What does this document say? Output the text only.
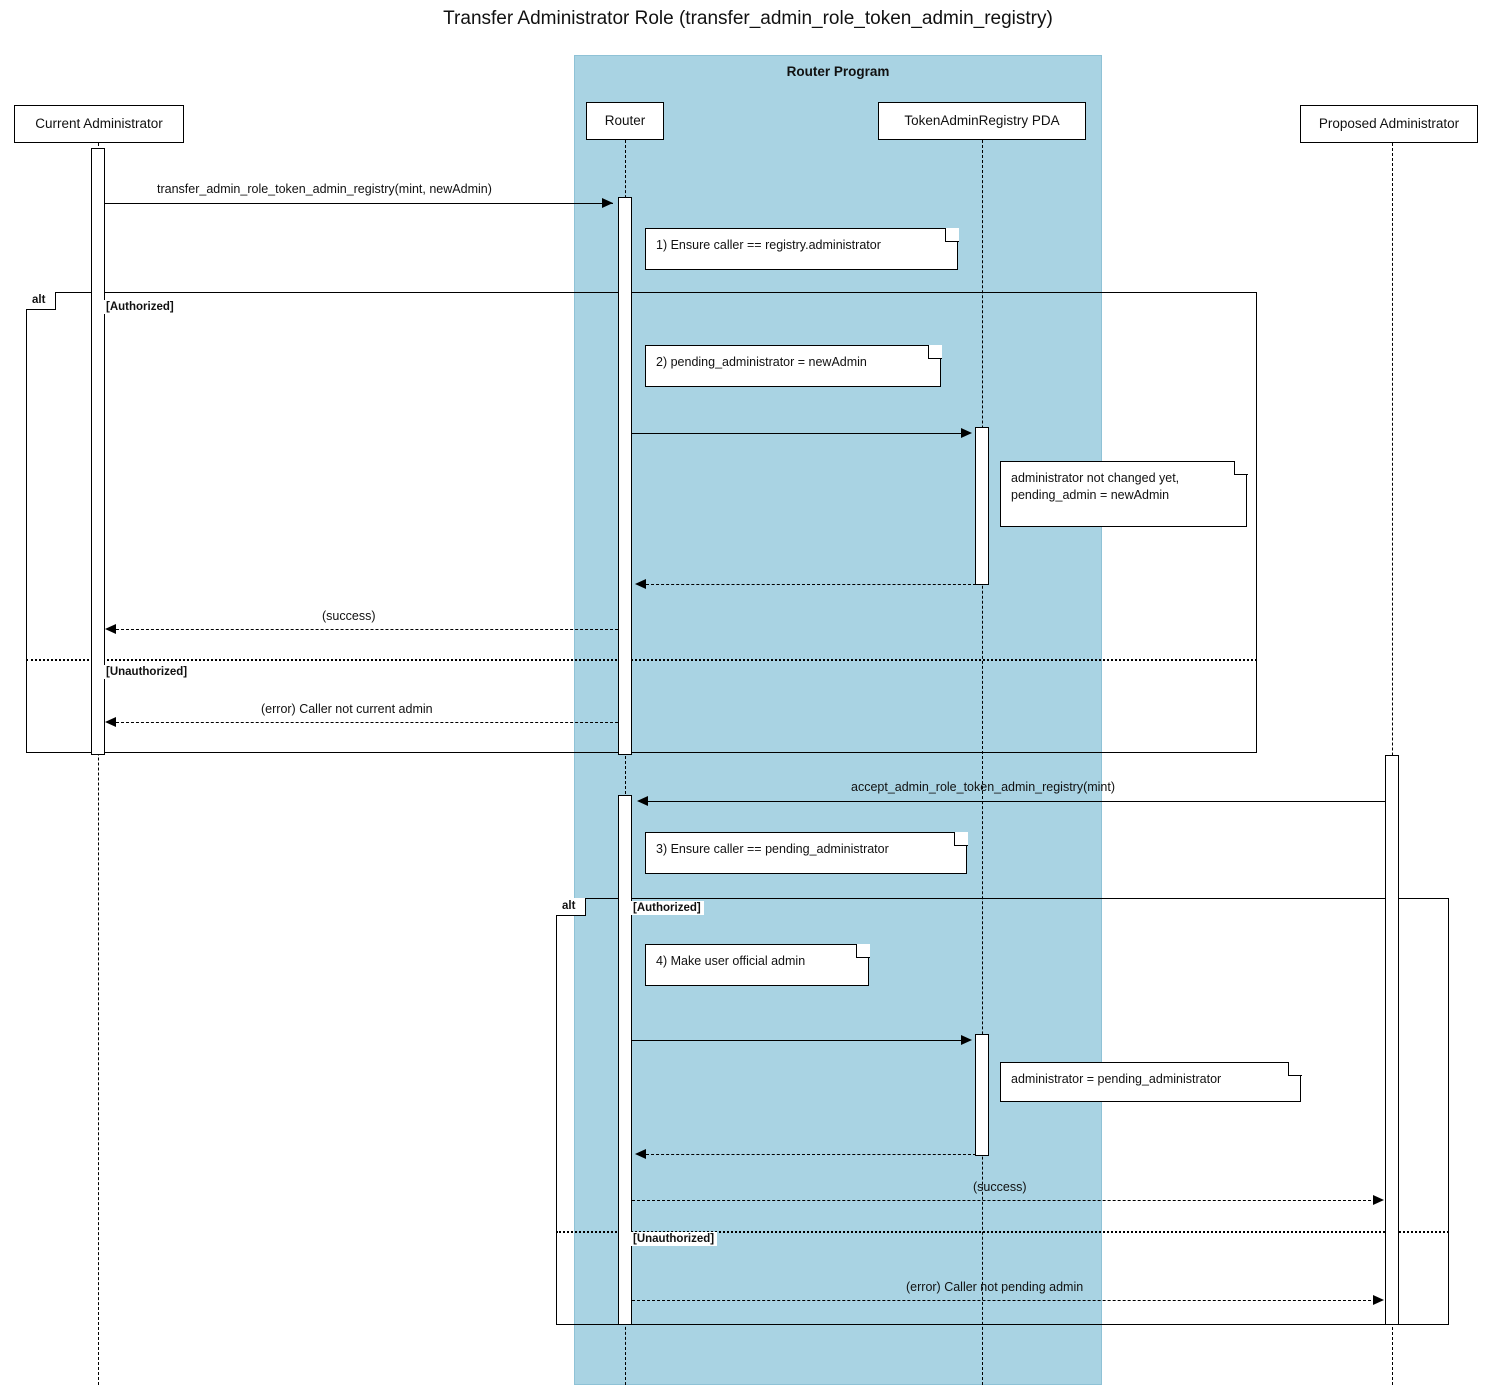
Transfer Administrator Role (transfer_admin_role_token_admin_registry)
Router Program
Current Administrator	Router	TokenAdminRegistry PDA	Proposed Administrator
transfer_admin_role_token_admin_registry(mint, newAdmin)
1) Ensure caller == registry.administrator
alt
[Authorized]
[Unauthorized]
2) pending_administrator = newAdmin
administrator not changed yet,
pending_admin = newAdmin
(success)
(error) Caller not current admin
accept_admin_role_token_admin_registry(mint)
3) Ensure caller == pending_administrator
alt	[Authorized]
[Unauthorized]
4) Make user official admin
administrator = pending_administrator
(success)
(error) Caller not pending admin
